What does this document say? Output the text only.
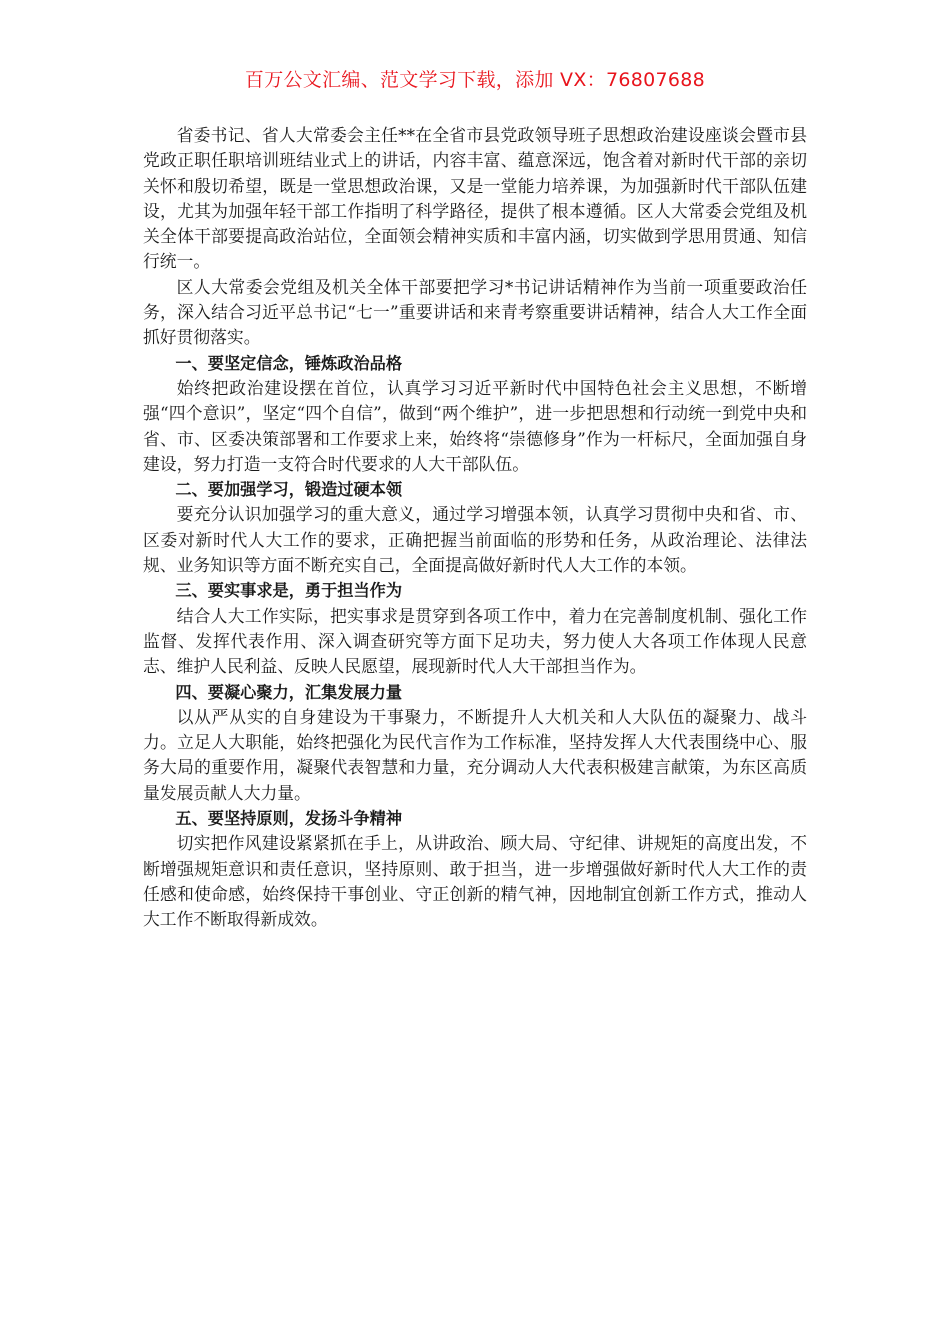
百万公文汇编、范文学习下载，添加 VX：76807688

省委书记、省人大常委会主任**在全省市县党政领导班子思想政治建设座谈会暨市县党政正职任职培训班结业式上的讲话，内容丰富、蕴意深远，饱含着对新时代干部的亲切关怀和殷切希望，既是一堂思想政治课，又是一堂能力培养课，为加强新时代干部队伍建设，尤其为加强年轻干部工作指明了科学路径，提供了根本遵循。区人大常委会党组及机关全体干部要提高政治站位，全面领会精神实质和丰富内涵，切实做到学思用贯通、知信行统一。

区人大常委会党组及机关全体干部要把学习*书记讲话精神作为当前一项重要政治任务，深入结合习近平总书记“七一”重要讲话和来青考察重要讲话精神，结合人大工作全面抓好贯彻落实。

一、要坚定信念，锤炼政治品格

始终把政治建设摆在首位，认真学习习近平新时代中国特色社会主义思想，不断增强“四个意识”，坚定“四个自信”，做到“两个维护”，进一步把思想和行动统一到党中央和省、市、区委决策部署和工作要求上来，始终将“崇德修身”作为一杆标尺，全面加强自身建设，努力打造一支符合时代要求的人大干部队伍。

二、要加强学习，锻造过硬本领

要充分认识加强学习的重大意义，通过学习增强本领，认真学习贯彻中央和省、市、区委对新时代人大工作的要求，正确把握当前面临的形势和任务，从政治理论、法律法规、业务知识等方面不断充实自己，全面提高做好新时代人大工作的本领。

三、要实事求是，勇于担当作为

结合人大工作实际，把实事求是贯穿到各项工作中，着力在完善制度机制、强化工作监督、发挥代表作用、深入调查研究等方面下足功夫，努力使人大各项工作体现人民意志、维护人民利益、反映人民愿望，展现新时代人大干部担当作为。

四、要凝心聚力，汇集发展力量

以从严从实的自身建设为干事聚力，不断提升人大机关和人大队伍的凝聚力、战斗力。立足人大职能，始终把强化为民代言作为工作标准，坚持发挥人大代表围绕中心、服务大局的重要作用，凝聚代表智慧和力量，充分调动人大代表积极建言献策，为东区高质量发展贡献人大力量。

五、要坚持原则，发扬斗争精神

切实把作风建设紧紧抓在手上，从讲政治、顾大局、守纪律、讲规矩的高度出发，不断增强规矩意识和责任意识，坚持原则、敢于担当，进一步增强做好新时代人大工作的责任感和使命感，始终保持干事创业、守正创新的精气神，因地制宜创新工作方式，推动人大工作不断取得新成效。
